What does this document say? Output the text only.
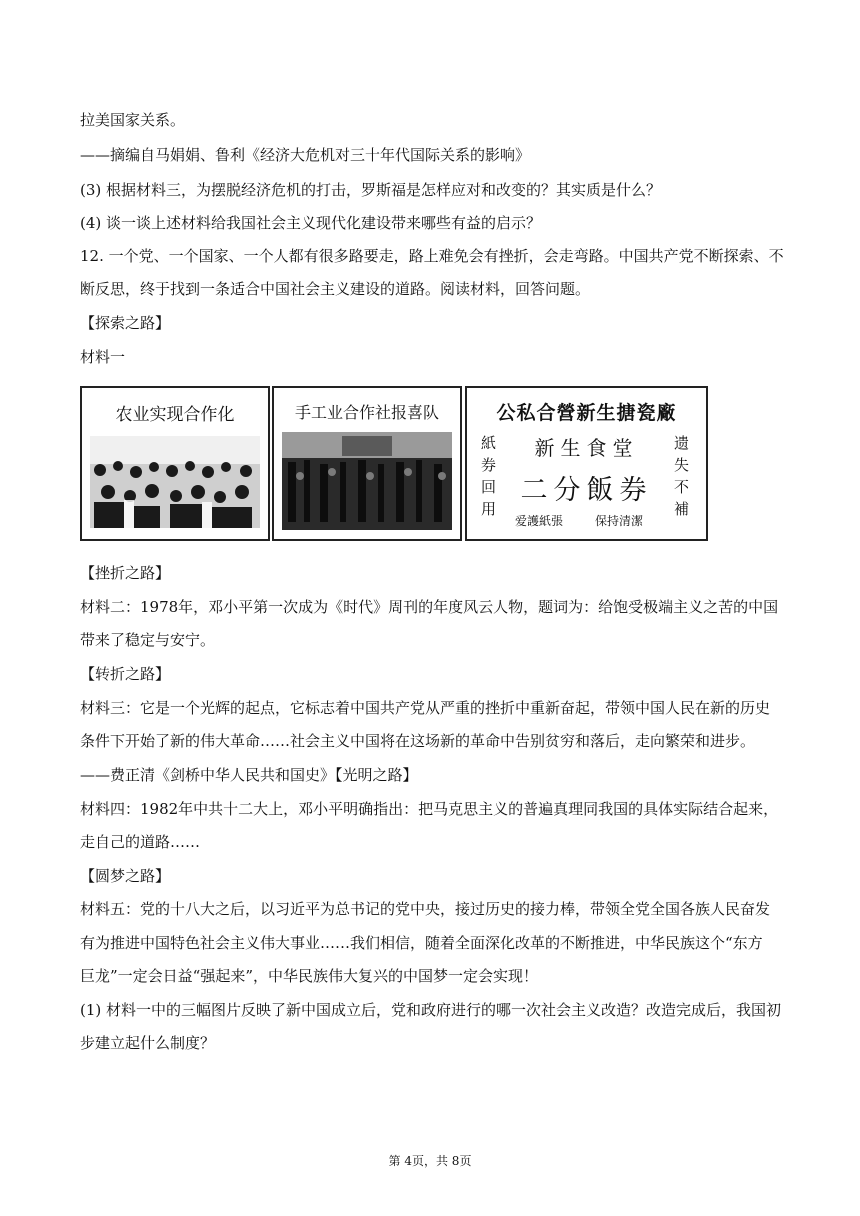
拉美国家关系。
——摘编自马娟娟、鲁利《经济大危机对三十年代国际关系的影响》
(3) 根据材料三，为摆脱经济危机的打击，罗斯福是怎样应对和改变的？其实质是什么？
(4) 谈一谈上述材料给我国社会主义现代化建设带来哪些有益的启示？
12. 一个党、一个国家、一个人都有很多路要走，路上难免会有挫折，会走弯路。中国共产党不断探索、不
断反思，终于找到一条适合中国社会主义建设的道路。阅读材料，回答问题。
【探索之路】
材料一
农业实现合作化	手工业合作社报喜队	公私合營新生搪瓷廠
紙券回用
遗失不補
新生食堂
二分飯券
爱護紙張	保持清潔
【挫折之路】
材料二：1978年，邓小平第一次成为《时代》周刊的年度风云人物，题词为：给饱受极端主义之苦的中国
带来了稳定与安宁。
【转折之路】
材料三：它是一个光辉的起点，它标志着中国共产党从严重的挫折中重新奋起，带领中国人民在新的历史
条件下开始了新的伟大革命……社会主义中国将在这场新的革命中告别贫穷和落后，走向繁荣和进步。
——费正清《剑桥中华人民共和国史》【光明之路】
材料四：1982年中共十二大上，邓小平明确指出：把马克思主义的普遍真理同我国的具体实际结合起来，
走自己的道路……
【圆梦之路】
材料五：党的十八大之后，以习近平为总书记的党中央，接过历史的接力棒，带领全党全国各族人民奋发
有为推进中国特色社会主义伟大事业……我们相信，随着全面深化改革的不断推进，中华民族这个“东方
巨龙”一定会日益“强起来”，中华民族伟大复兴的中国梦一定会实现！
(1) 材料一中的三幅图片反映了新中国成立后，党和政府进行的哪一次社会主义改造？改造完成后，我国初
步建立起什么制度？
第 4页，共 8页
